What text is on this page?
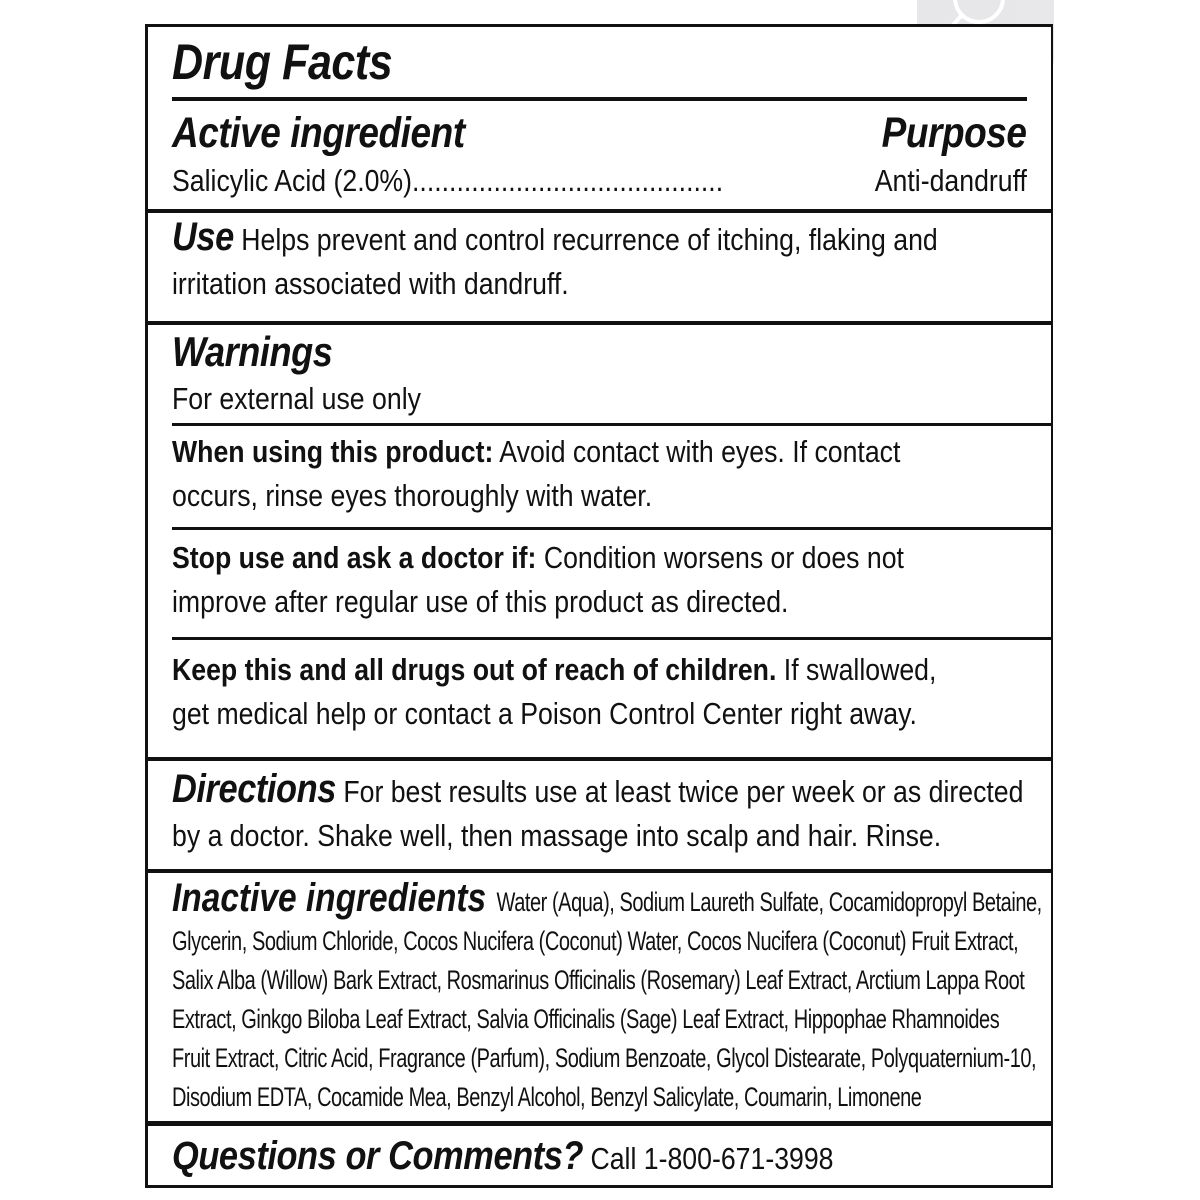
Drug Facts
Active ingredient	Purpose
Salicylic Acid (2.0%)..........................................	Anti-dandruff
Use Helps prevent and control recurrence of itching, flaking and
irritation associated with dandruff.
Warnings
For external use only
When using this product: Avoid contact with eyes. If contact
occurs, rinse eyes thoroughly with water.
Stop use and ask a doctor if: Condition worsens or does not
improve after regular use of this product as directed.
Keep this and all drugs out of reach of children. If swallowed,
get medical help or contact a Poison Control Center right away.
Directions For best results use at least twice per week or as directed
by a doctor. Shake well, then massage into scalp and hair. Rinse.
Inactive ingredients Water (Aqua), Sodium Laureth Sulfate, Cocamidopropyl Betaine,
Glycerin, Sodium Chloride, Cocos Nucifera (Coconut) Water, Cocos Nucifera (Coconut) Fruit Extract,
Salix Alba (Willow) Bark Extract, Rosmarinus Officinalis (Rosemary) Leaf Extract, Arctium Lappa Root
Extract, Ginkgo Biloba Leaf Extract, Salvia Officinalis (Sage) Leaf Extract, Hippophae Rhamnoides
Fruit Extract, Citric Acid, Fragrance (Parfum), Sodium Benzoate, Glycol Distearate, Polyquaternium-10,
Disodium EDTA, Cocamide Mea, Benzyl Alcohol, Benzyl Salicylate, Coumarin, Limonene
Questions or Comments? Call 1-800-671-3998
